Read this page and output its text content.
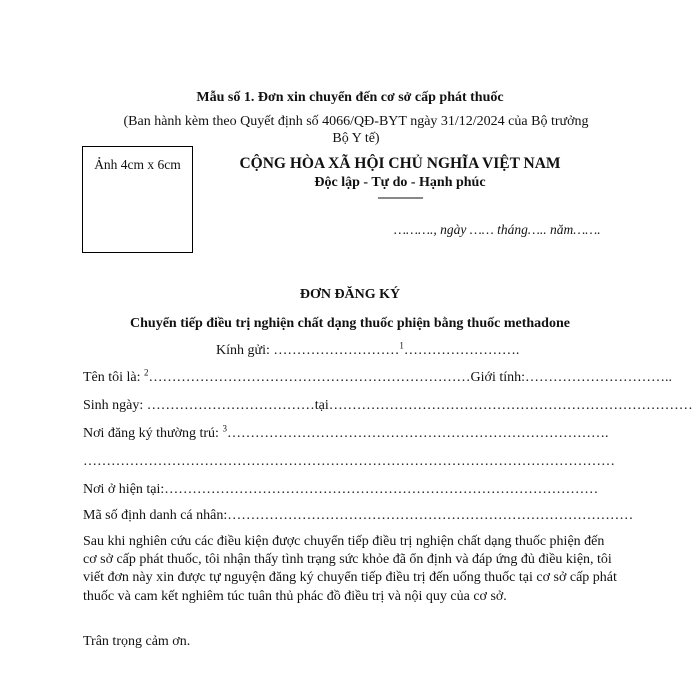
Mẫu số 1. Đơn xin chuyển đến cơ sở cấp phát thuốc
(Ban hành kèm theo Quyết định số 4066/QĐ-BYT ngày 31/12/2024 của Bộ trưởng Bộ Y tế)
Ảnh 4cm x 6cm	CỘNG HÒA XÃ HỘI CHỦ NGHĨA VIỆT NAM
Độc lập - Tự do - Hạnh phúc
---------------
………., ngày …… tháng….. năm…….
ĐƠN ĐĂNG KÝ
Chuyển tiếp điều trị nghiện chất dạng thuốc phiện bằng thuốc methadone
Kính gửi: ………………………$^1$…………………….
Tên tôi là: $^2$……………………………………………………………Giới tính:…………………………..
Sinh ngày: ………………………………tại……………………………………………………………………
Nơi đăng ký thường trú: $^3$……………………………………………………………………….
……………………………………………………………………………………………………
Nơi ở hiện tại:…………………………………………………………………………………
Mã số định danh cá nhân:……………………………………………………………………………
Sau khi nghiên cứu các điều kiện được chuyển tiếp điều trị nghiện chất dạng thuốc phiện đến cơ sở cấp phát thuốc, tôi nhận thấy tình trạng sức khỏe đã ổn định và đáp ứng đủ điều kiện, tôi viết đơn này xin được tự nguyện đăng ký chuyển tiếp điều trị đến uống thuốc tại cơ sở cấp phát thuốc và cam kết nghiêm túc tuân thủ phác đồ điều trị và nội quy của cơ sở.
Trân trọng cảm ơn.
